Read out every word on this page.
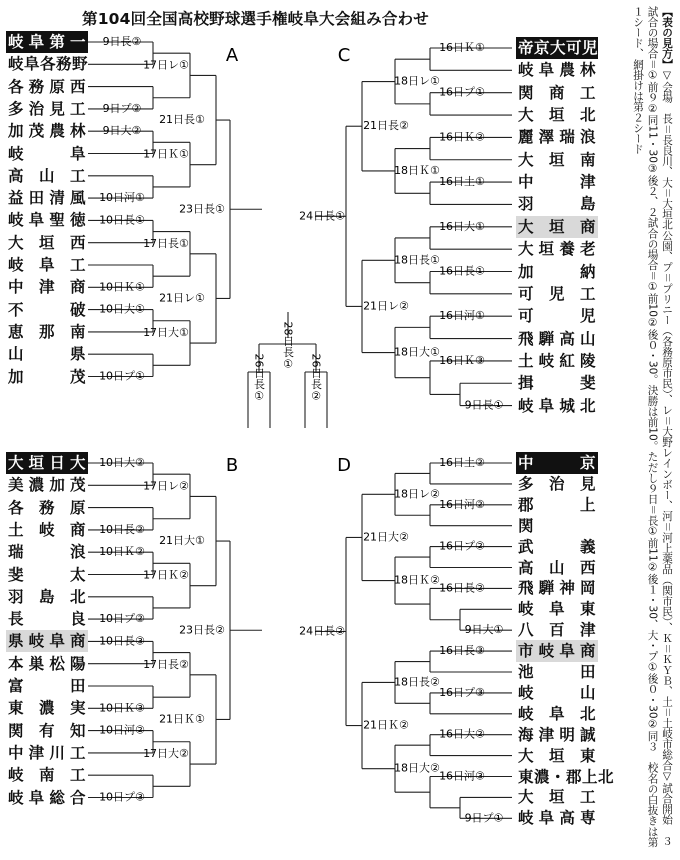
9日長②
9日プ②
9日大②
10日河①
10日長①
10日Ｋ①
10日大①
10日プ①
17日レ①
17日Ｋ①
17日長①
17日大①
21日長①
21日レ①
23日長①
10日大②
10日長②
10日Ｋ②
10日プ②
10日長③
10日Ｋ③
10日河②
10日プ③
17日レ②
17日Ｋ②
17日長②
17日大②
21日大①
21日Ｋ①
23日長②
16日Ｋ①
16日プ①
18日レ①
16日Ｋ②
16日土①
18日Ｋ①
16日大①
16日長①
18日長①
16日河①
9日長①
16日Ｋ③
18日大①
21日長②
21日レ②
24日長①
16日土②
16日河②
18日レ②
16日プ②
9日大①
16日長②
18日Ｋ②
16日長③
16日プ③
18日長②
16日大②
9日プ①
16日河③
18日大②
21日大②
21日Ｋ②
24日長②
28日長①
26日長①	26日長②
A	C
B	D
第104回全国高校野球選手権岐阜大会組み合わせ
岐阜第一
岐阜各務野
各務原西
多治見工
加茂農林
岐阜
高山工
益田清風
岐阜聖徳
大垣西
岐阜工
中津商
不破
恵那南
山県
加茂
大垣日大
美濃加茂
各務原
土岐商
瑞浪
斐太
羽島北
長良
県岐阜商
本巣松陽
富田
東濃実
関有知
中津川工
岐南工
岐阜総合
帝京大可児
岐阜農林
関商工
大垣北
麗澤瑞浪
大垣南
中津
羽島
大垣商
大垣養老
加納
可児工
可児
飛騨高山
土岐紅陵
揖斐
岐阜城北
中京
多治見
郡上
関
武義
高山西
飛騨神岡
岐阜東
八百津
市岐阜商
池田
岐山
岐阜北
海津明誠
大垣東
東濃・郡上北
大垣工
岐阜高専
【表の見方】▽会場　長＝長良川、大＝大垣北公園、プ＝プリニー（各務原市民）、レ＝大野レインボー、河＝河上薬品（関市民）、Ｋ＝ＫＹＢ、土＝土岐市総合▽試合開始　３試合の場合＝①前９②同11・30③後２、２試合の場合＝①前10②後０・30。決勝は前10。ただし９日＝長①前11②後１・30、大・プ①後０・30②同３　校名の白抜きは第１シード、網掛けは第２シード
